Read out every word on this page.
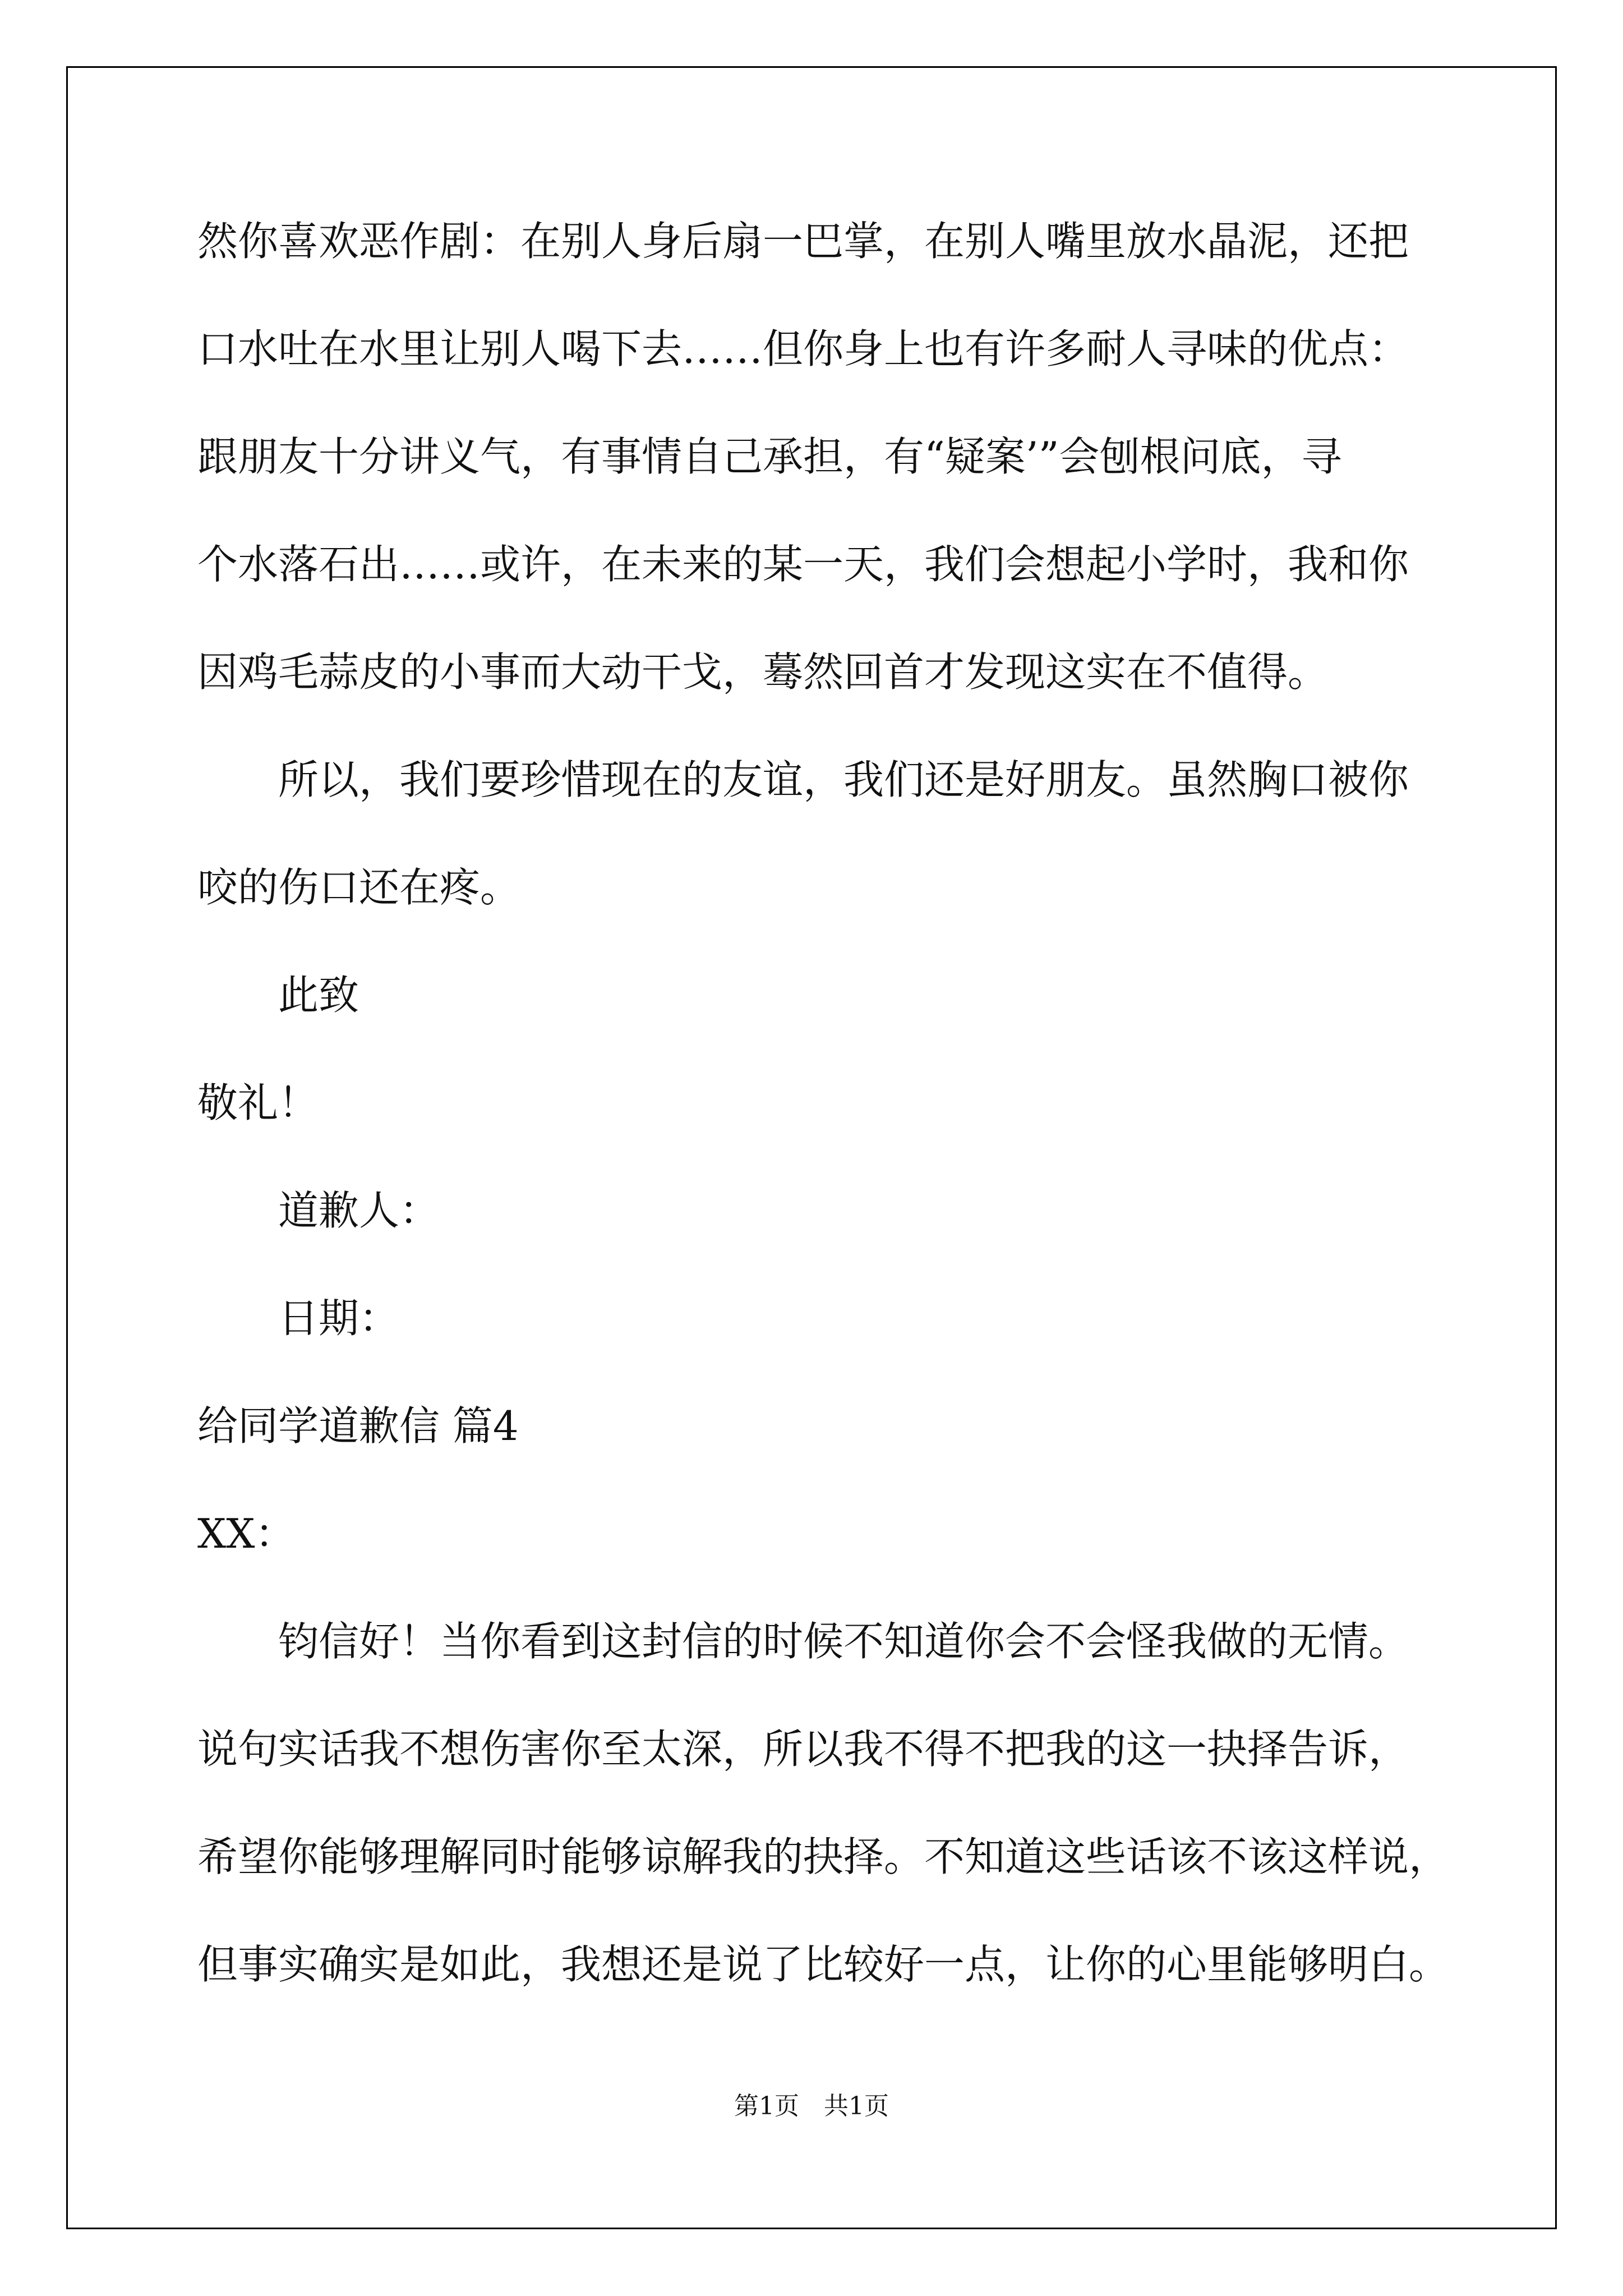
然你喜欢恶作剧：在别人身后扇一巴掌，在别人嘴里放水晶泥，还把
口水吐在水里让别人喝下去……但你身上也有许多耐人寻味的优点：
跟朋友十分讲义气，有事情自己承担，有“疑案’”会刨根问底，寻
个水落石出……或许，在未来的某一天，我们会想起小学时，我和你
因鸡毛蒜皮的小事而大动干戈，蓦然回首才发现这实在不值得。
所以，我们要珍惜现在的友谊，我们还是好朋友。虽然胸口被你
咬的伤口还在疼。
此致
敬礼！
道歉人：
日期：
给同学道歉信 篇4
XX：
钧信好！当你看到这封信的时候不知道你会不会怪我做的无情。
说句实话我不想伤害你至太深，所以我不得不把我的这一抉择告诉，
希望你能够理解同时能够谅解我的抉择。不知道这些话该不该这样说，
但事实确实是如此，我想还是说了比较好一点，让你的心里能够明白。
第1页　共1页
